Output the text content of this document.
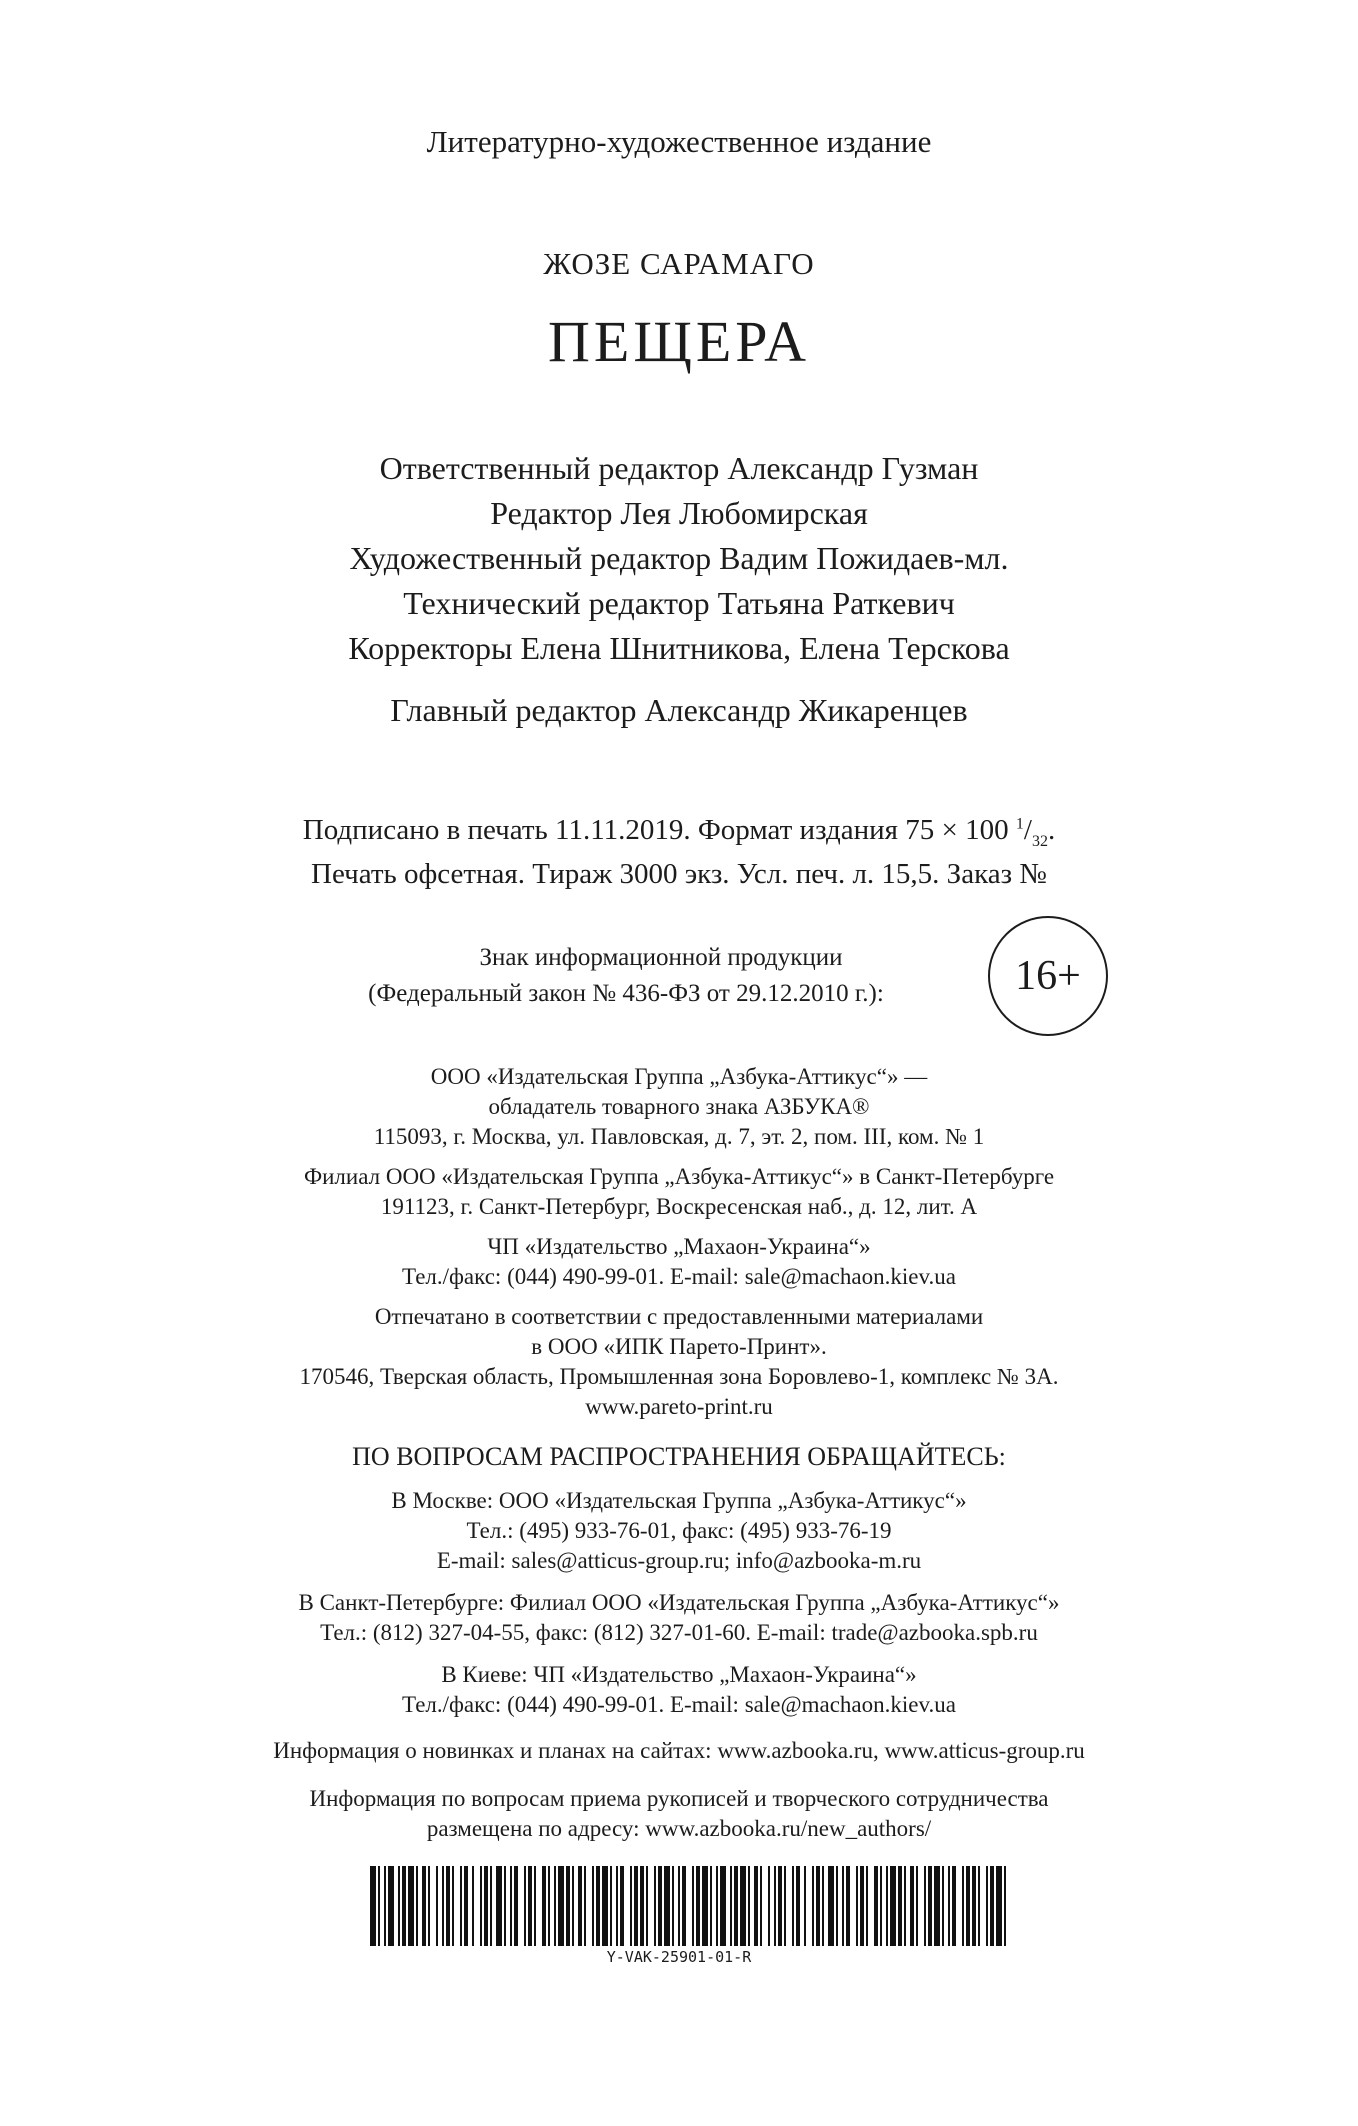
Литературно-художественное издание
ЖОЗЕ САРАМАГО
ПЕЩЕРА
Ответственный редактор Александр Гузман
Редактор Лея Любомирская
Художественный редактор Вадим Пожидаев-мл.
Технический редактор Татьяна Раткевич
Корректоры Елена Шнитникова, Елена Терскова
Главный редактор Александр Жикаренцев
Подписано в печать 11.11.2019. Формат издания 75 × 100 $^1/_{32}$.
Печать офсетная. Тираж 3000 экз. Усл. печ. л. 15,5. Заказ №
Знак информационной продукции
(Федеральный закон № 436-ФЗ от 29.12.2010 г.):	16+
ООО «Издательская Группа „Азбука-Аттикус“» —
обладатель товарного знака АЗБУКА®
115093, г. Москва, ул. Павловская, д. 7, эт. 2, пом. III, ком. № 1
Филиал ООО «Издательская Группа „Азбука-Аттикус“» в Санкт-Петербурге
191123, г. Санкт-Петербург, Воскресенская наб., д. 12, лит. А
ЧП «Издательство „Махаон-Украина“»
Тел./факс: (044) 490-99-01. E-mail: sale@machaon.kiev.ua
Отпечатано в соответствии с предоставленными материалами
в ООО «ИПК Парето-Принт».
170546, Тверская область, Промышленная зона Боровлево-1, комплекс № 3А.
www.pareto-print.ru
ПО ВОПРОСАМ РАСПРОСТРАНЕНИЯ ОБРАЩАЙТЕСЬ:
В Москве: ООО «Издательская Группа „Азбука-Аттикус“»
Тел.: (495) 933-76-01, факс: (495) 933-76-19
E-mail: sales@atticus-group.ru; info@azbooka-m.ru
В Санкт-Петербурге: Филиал ООО «Издательская Группа „Азбука-Аттикус“»
Тел.: (812) 327-04-55, факс: (812) 327-01-60. E-mail: trade@azbooka.spb.ru
В Киеве: ЧП «Издательство „Махаон-Украина“»
Тел./факс: (044) 490-99-01. E-mail: sale@machaon.kiev.ua
Информация о новинках и планах на сайтах: www.azbooka.ru, www.atticus-group.ru
Информация по вопросам приема рукописей и творческого сотрудничества
размещена по адресу: www.azbooka.ru/new_authors/
Y-VAK-25901-01-R
